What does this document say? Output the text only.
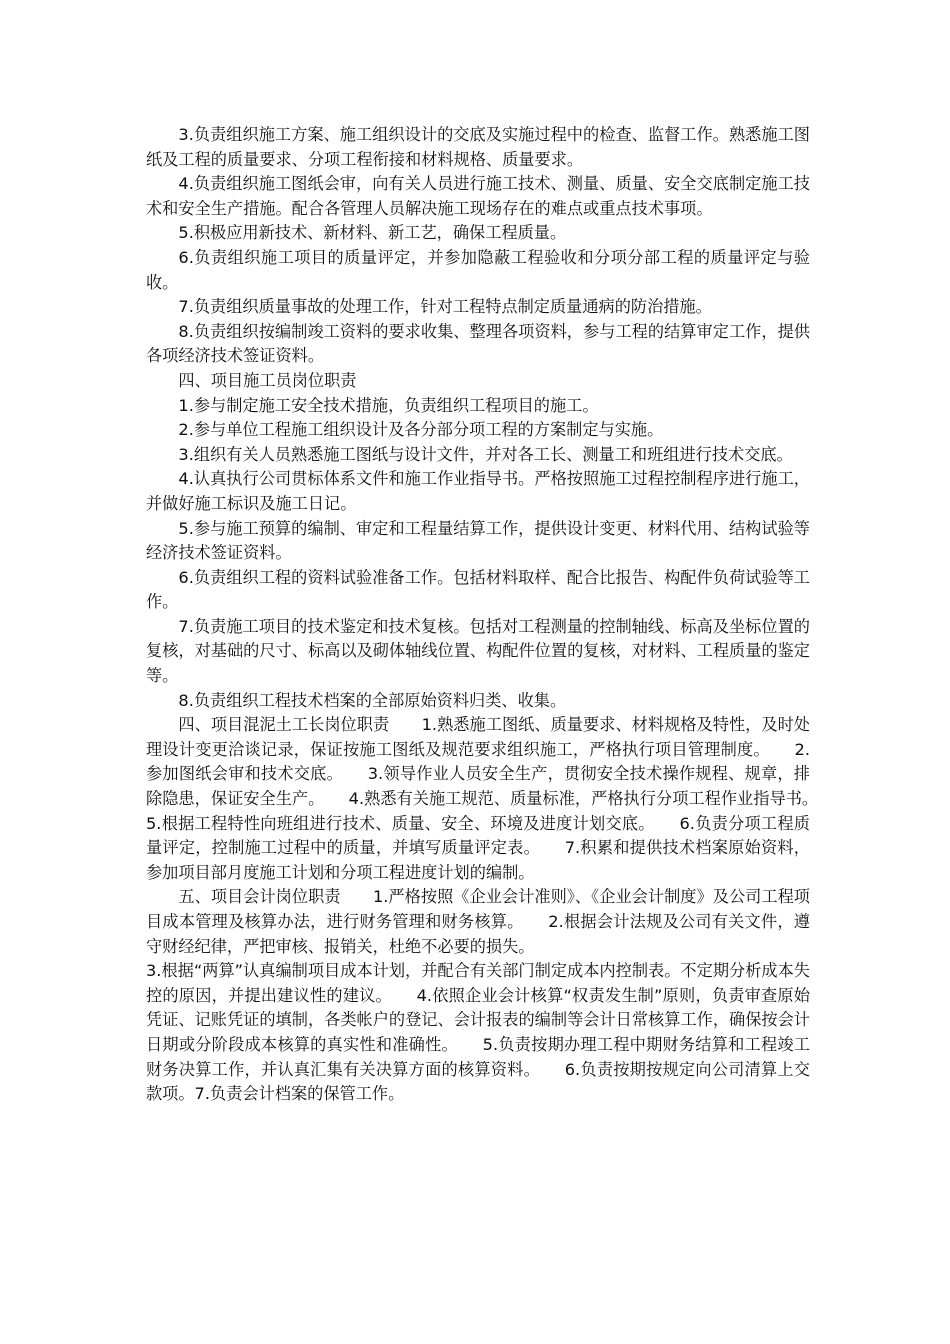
3.负责组织施工方案、施工组织设计的交底及实施过程中的检查、监督工作。熟悉施工图纸及工程的质量要求、分项工程衔接和材料规格、质量要求。

4.负责组织施工图纸会审，向有关人员进行施工技术、测量、质量、安全交底制定施工技术和安全生产措施。配合各管理人员解决施工现场存在的难点或重点技术事项。

5.积极应用新技术、新材料、新工艺，确保工程质量。

6.负责组织施工项目的质量评定，并参加隐蔽工程验收和分项分部工程的质量评定与验收。

7.负责组织质量事故的处理工作，针对工程特点制定质量通病的防治措施。

8.负责组织按编制竣工资料的要求收集、整理各项资料，参与工程的结算审定工作，提供各项经济技术签证资料。

四、项目施工员岗位职责

1.参与制定施工安全技术措施，负责组织工程项目的施工。

2.参与单位工程施工组织设计及各分部分项工程的方案制定与实施。

3.组织有关人员熟悉施工图纸与设计文件，并对各工长、测量工和班组进行技术交底。

4.认真执行公司贯标体系文件和施工作业指导书。严格按照施工过程控制程序进行施工，并做好施工标识及施工日记。

5.参与施工预算的编制、审定和工程量结算工作，提供设计变更、材料代用、结构试验等经济技术签证资料。

6.负责组织工程的资料试验准备工作。包括材料取样、配合比报告、构配件负荷试验等工作。

7.负责施工项目的技术鉴定和技术复核。包括对工程测量的控制轴线、标高及坐标位置的复核，对基础的尺寸、标高以及砌体轴线位置、构配件位置的复核，对材料、工程质量的鉴定等。

8.负责组织工程技术档案的全部原始资料归类、收集。

四、项目混泥土工长岗位职责　　1.熟悉施工图纸、质量要求、材料规格及特性，及时处理设计变更洽谈记录，保证按施工图纸及规范要求组织施工，严格执行项目管理制度。　　2.参加图纸会审和技术交底。　　3.领导作业人员安全生产，贯彻安全技术操作规程、规章，排除隐患，保证安全生产。　　4.熟悉有关施工规范、质量标准，严格执行分项工程作业指导书。　　5.根据工程特性向班组进行技术、质量、安全、环境及进度计划交底。　　6.负责分项工程质量评定，控制施工过程中的质量，并填写质量评定表。　　7.积累和提供技术档案原始资料，参加项目部月度施工计划和分项工程进度计划的编制。

五、项目会计岗位职责　　1.严格按照《企业会计准则》、《企业会计制度》及公司工程项目成本管理及核算办法，进行财务管理和财务核算。　　2.根据会计法规及公司有关文件，遵守财经纪律，严把审核、报销关，杜绝不必要的损失。

3.根据“两算”认真编制项目成本计划，并配合有关部门制定成本内控制表。不定期分析成本失控的原因，并提出建议性的建议。　　4.依照企业会计核算“权责发生制”原则，负责审查原始凭证、记账凭证的填制，各类帐户的登记、会计报表的编制等会计日常核算工作，确保按会计日期或分阶段成本核算的真实性和准确性。　　5.负责按期办理工程中期财务结算和工程竣工财务决算工作，并认真汇集有关决算方面的核算资料。　　6.负责按期按规定向公司清算上交款项。7.负责会计档案的保管工作。
